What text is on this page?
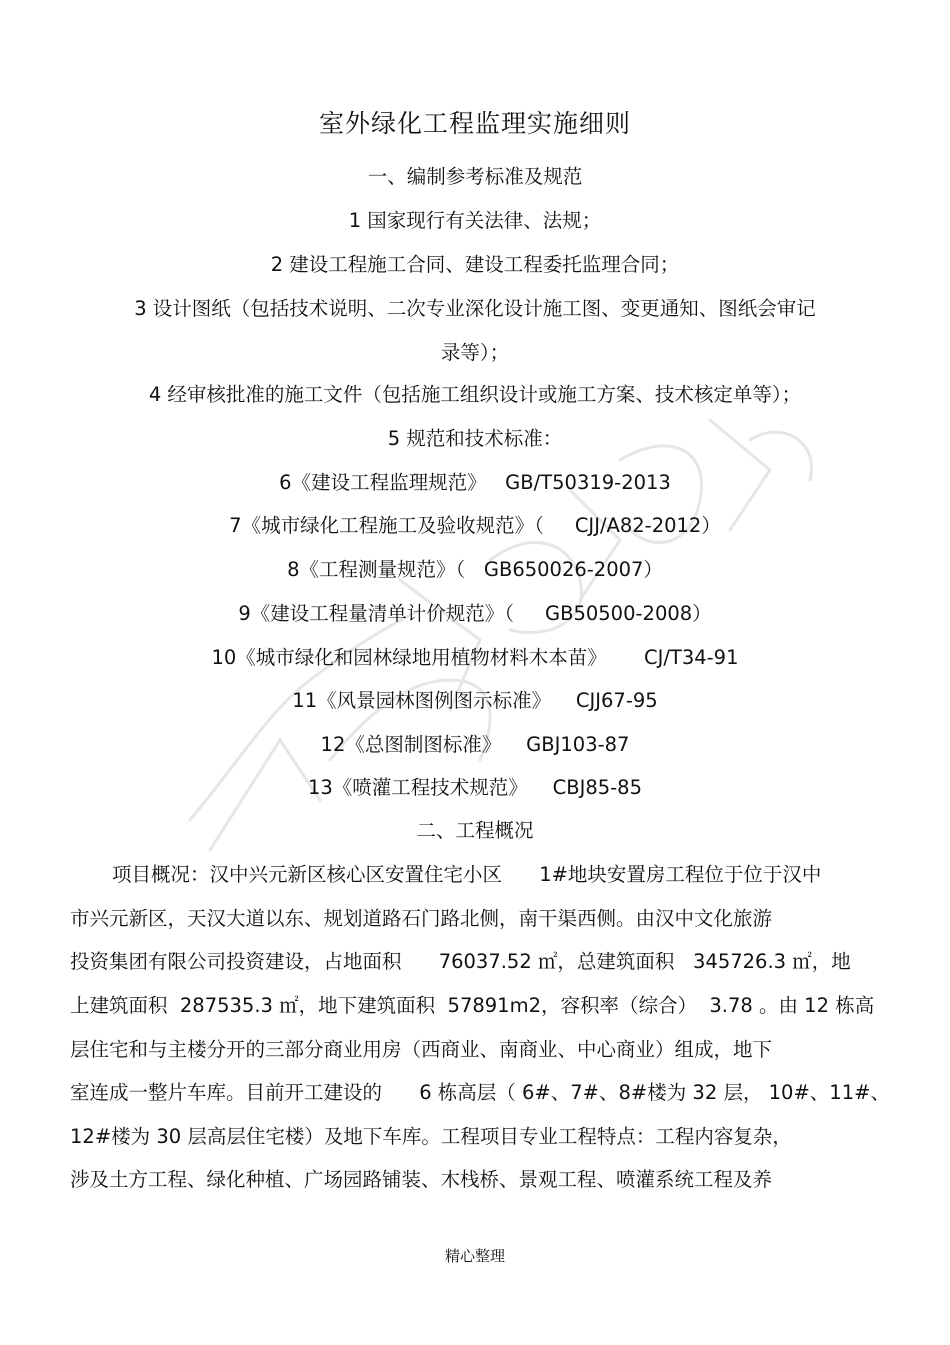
室外绿化工程监理实施细则
一、编制参考标准及规范
1 国家现行有关法律、法规；
2 建设工程施工合同、建设工程委托监理合同；
3 设计图纸（包括技术说明、二次专业深化设计施工图、变更通知、图纸会审记
录等）；
4 经审核批准的施工文件（包括施工组织设计或施工方案、技术核定单等）；
5 规范和技术标准：
6《建设工程监理规范》   GB/T50319-2013
7《城市绿化工程施工及验收规范》（     CJJ/A82-2012）
8《工程测量规范》（   GB650026-2007）
9《建设工程量清单计价规范》（     GB50500-2008）
10《城市绿化和园林绿地用植物材料木本苗》      CJ/T34-91
11《风景园林图例图示标准》    CJJ67-95
12《总图制图标准》    GBJ103-87
13《喷灌工程技术规范》    CBJ85-85
二、工程概况
项目概况：汉中兴元新区核心区安置住宅小区      1#地块安置房工程位于位于汉中
市兴元新区，天汉大道以东、规划道路石门路北侧，南干渠西侧。由汉中文化旅游
投资集团有限公司投资建设，占地面积      76037.52 ㎡，总建筑面积   345726.3 ㎡，地
上建筑面积  287535.3 ㎡，地下建筑面积  57891m2，容积率（综合）  3.78 。由 12 栋高
层住宅和与主楼分开的三部分商业用房（西商业、南商业、中心商业）组成，地下
室连成一整片车库。目前开工建设的      6 栋高层（ 6#、7#、8#楼为 32 层， 10#、11#、
12#楼为 30 层高层住宅楼）及地下车库。工程项目专业工程特点：工程内容复杂，
涉及土方工程、绿化种植、广场园路铺装、木栈桥、景观工程、喷灌系统工程及养
精心整理
